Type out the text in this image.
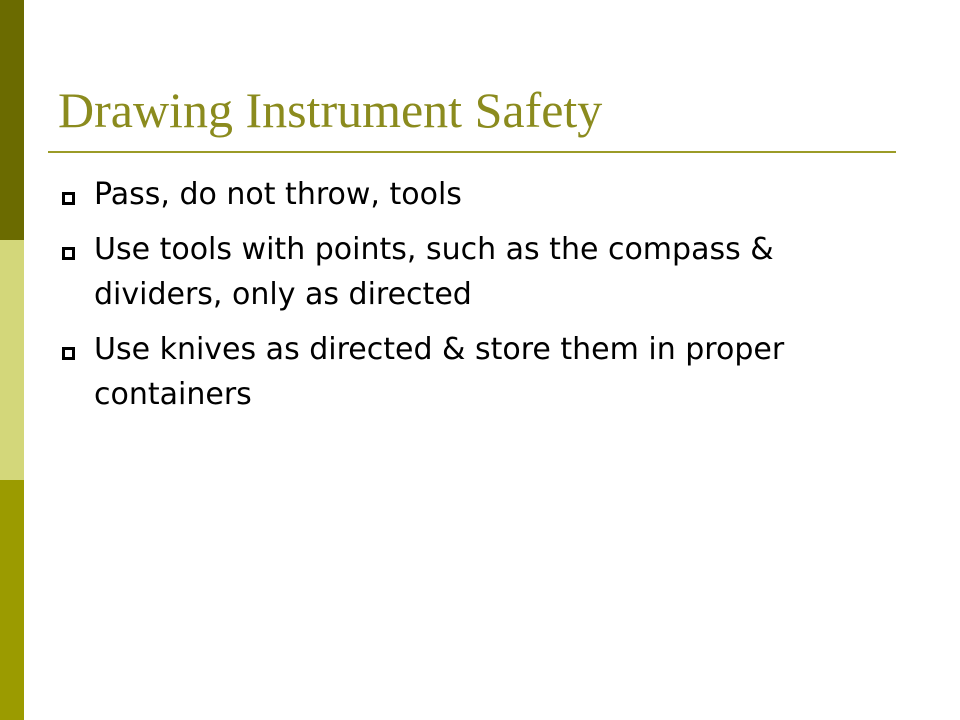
Drawing Instrument Safety
Pass, do not throw, tools
Use tools with points, such as the compass & dividers, only as directed
Use knives as directed & store them in proper containers
